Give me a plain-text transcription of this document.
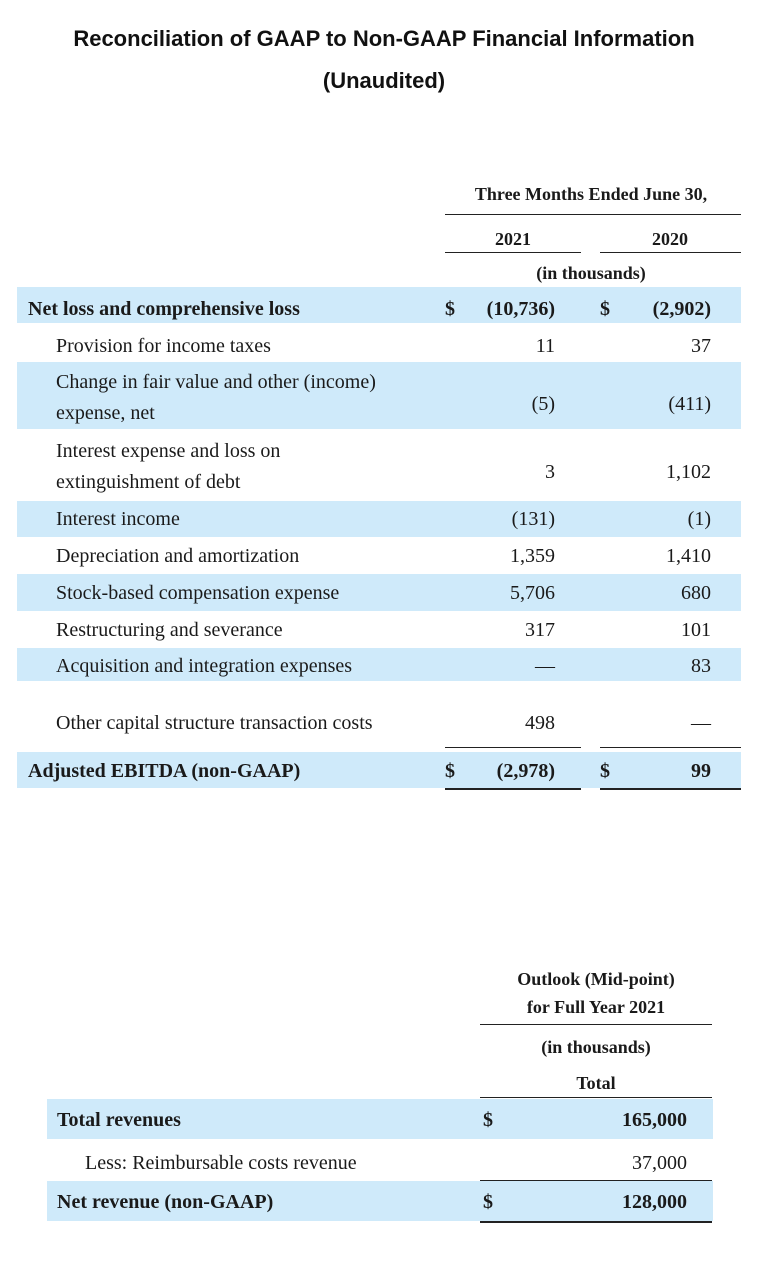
Reconciliation of GAAP to Non-GAAP Financial Information
(Unaudited)
Three Months Ended June 30,
2021	2020
(in thousands)
Net loss and comprehensive loss	$	(10,736) $	(2,902)
Provision for income taxes	11	37
Change in fair value and other (income) expense, net	(5)	(411)
Interest expense and loss on extinguishment of debt	3	1,102
Interest income	(131)	(1)
Depreciation and amortization	1,359	1,410
Stock-based compensation expense	5,706	680
Restructuring and severance	317	101
Acquisition and integration expenses	—	83
Other capital structure transaction costs	498	—
Adjusted EBITDA (non-GAAP)	$	(2,978) $	99
Outlook (Mid-point)
for Full Year 2021
(in thousands)
Total
Total revenues	$	165,000
Less: Reimbursable costs revenue	37,000
Net revenue (non-GAAP)	$	128,000
